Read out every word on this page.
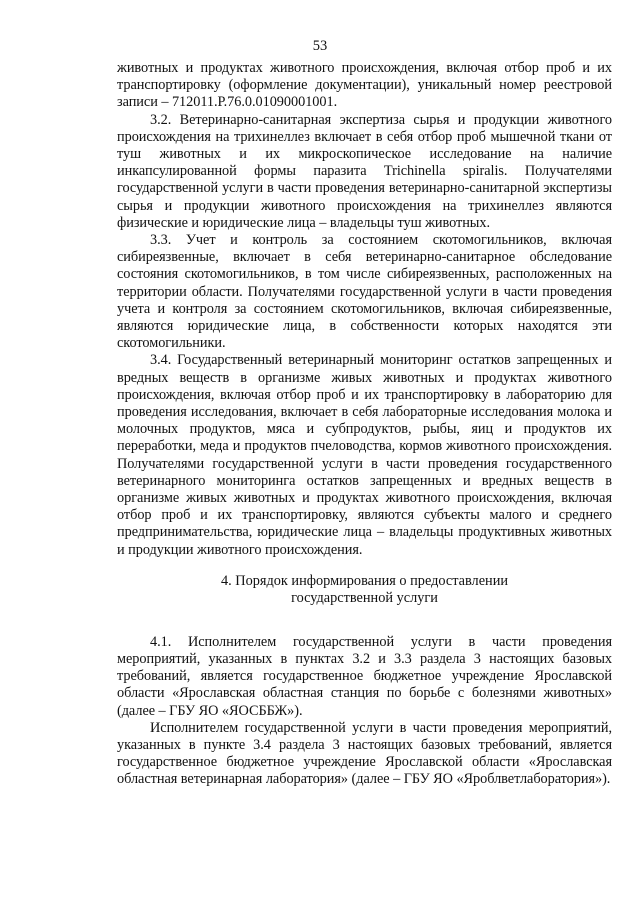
53

животных и продуктах животного происхождения, включая отбор проб и их транспортировку (оформление документации), уникальный номер реестровой записи – 712011.Р.76.0.01090001001.

3.2. Ветеринарно-санитарная экспертиза сырья и продукции животного происхождения на трихинеллез включает в себя отбор проб мышечной ткани от туш животных и их микроскопическое исследование на наличие инкапсулированной формы паразита Trichinella spiralis. Получателями государственной услуги в части проведения ветеринарно-санитарной экспертизы сырья и продукции животного происхождения на трихинеллез являются физические и юридические лица – владельцы туш животных.

3.3. Учет и контроль за состоянием скотомогильников, включая сибиреязвенные, включает в себя ветеринарно-санитарное обследование состояния скотомогильников, в том числе сибиреязвенных, расположенных на территории области. Получателями государственной услуги в части проведения учета и контроля за состоянием скотомогильников, включая сибиреязвенные, являются юридические лица, в собственности которых находятся эти скотомогильники.

3.4. Государственный ветеринарный мониторинг остатков запрещенных и вредных веществ в организме живых животных и продуктах животного происхождения, включая отбор проб и их транспортировку в лабораторию для проведения исследования, включает в себя лабораторные исследования молока и молочных продуктов, мяса и субпродуктов, рыбы, яиц и продуктов их переработки, меда и продуктов пчеловодства, кормов животного происхождения. Получателями государственной услуги в части проведения государственного ветеринарного мониторинга остатков запрещенных и вредных веществ в организме живых животных и продуктах животного происхождения, включая отбор проб и их транспортировку, являются субъекты малого и среднего предпринимательства, юридические лица – владельцы продуктивных животных и продукции животного происхождения.

4. Порядок информирования о предоставлении
государственной услуги

4.1. Исполнителем государственной услуги в части проведения мероприятий, указанных в пунктах 3.2 и 3.3 раздела 3 настоящих базовых требований, является государственное бюджетное учреждение Ярославской области «Ярославская областная станция по борьбе с болезнями животных» (далее – ГБУ ЯО «ЯОСББЖ»).

Исполнителем государственной услуги в части проведения мероприятий, указанных в пункте 3.4 раздела 3 настоящих базовых требований, является государственное бюджетное учреждение Ярославской области «Ярославская областная ветеринарная лаборатория» (далее – ГБУ ЯО «Яроблветлаборатория»).
